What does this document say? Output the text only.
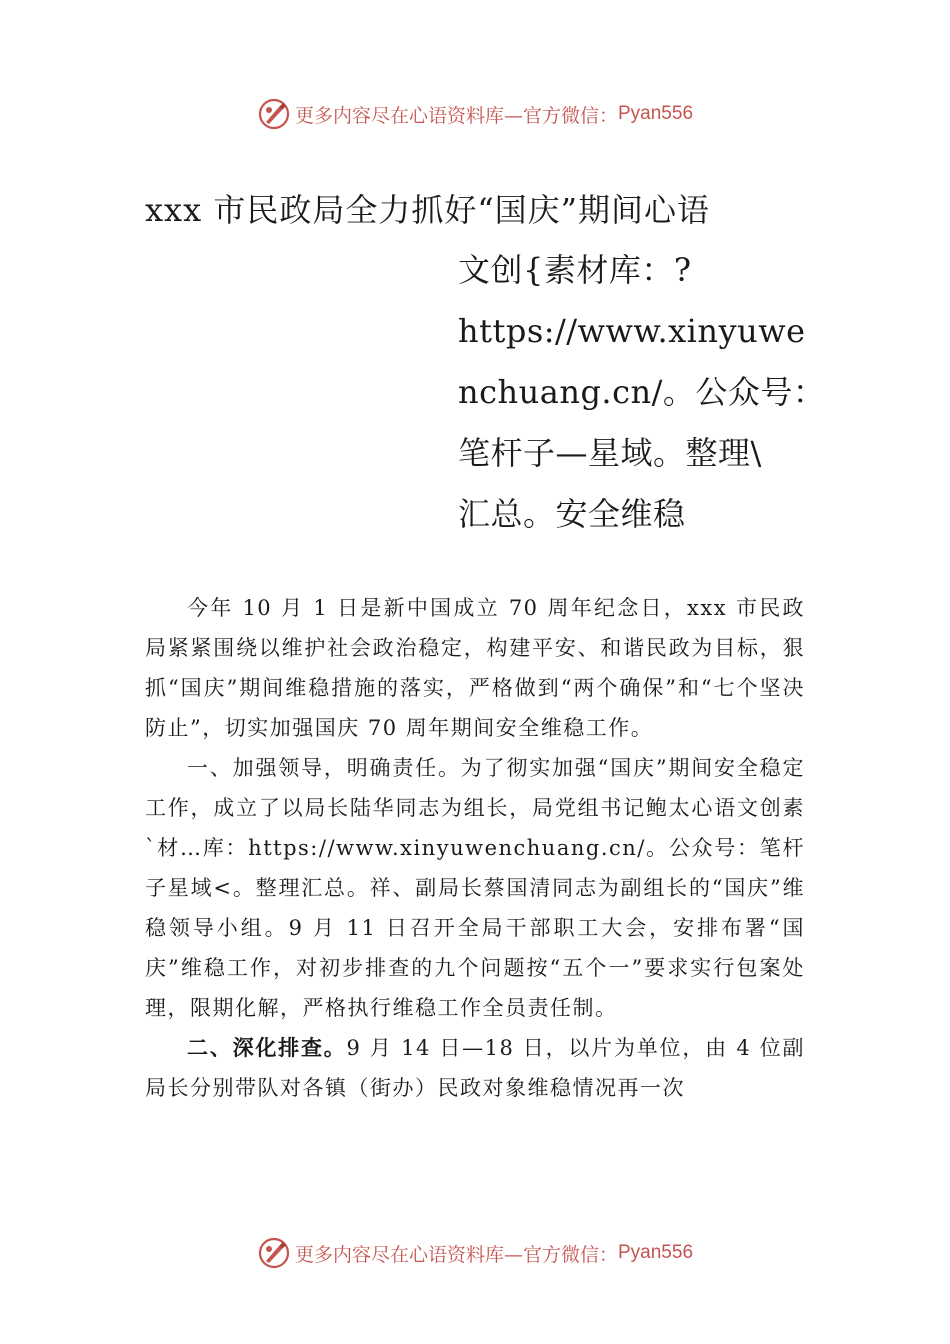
更多内容尽在心语资料库—官方微信： Pyan556
xxx 市民政局全力抓好“国庆”期间心语
文创{素材库：?
https://www.xinyuwe
nchuang.cn/。公众号：
笔杆子—星域。整理\
汇总。安全维稳

今年 10 月 1 日是新中国成立 70 周年纪念日，xxx 市民政局紧紧围绕以维护社会政治稳定，构建平安、和谐民政为目标，狠抓“国庆”期间维稳措施的落实，严格做到“两个确保”和“七个坚决防止”，切实加强国庆 70 周年期间安全维稳工作。

一、加强领导，明确责任。为了彻实加强“国庆”期间安全稳定工作，成立了以局长陆华同志为组长，局党组书记鲍太心语文创素`材…库：https://www.xinyuwenchuang.cn/。公众号：笔杆子星域<。整理汇总。祥、副局长蔡国清同志为副组长的“国庆”维稳领导小组。9 月 11 日召开全局干部职工大会，安排布署“国庆”维稳工作，对初步排查的九个问题按“五个一”要求实行包案处理，限期化解，严格执行维稳工作全员责任制。

二、深化排查。9 月 14 日—18 日，以片为单位，由 4 位副局长分别带队对各镇（街办）民政对象维稳情况再一次

更多内容尽在心语资料库—官方微信： Pyan556
